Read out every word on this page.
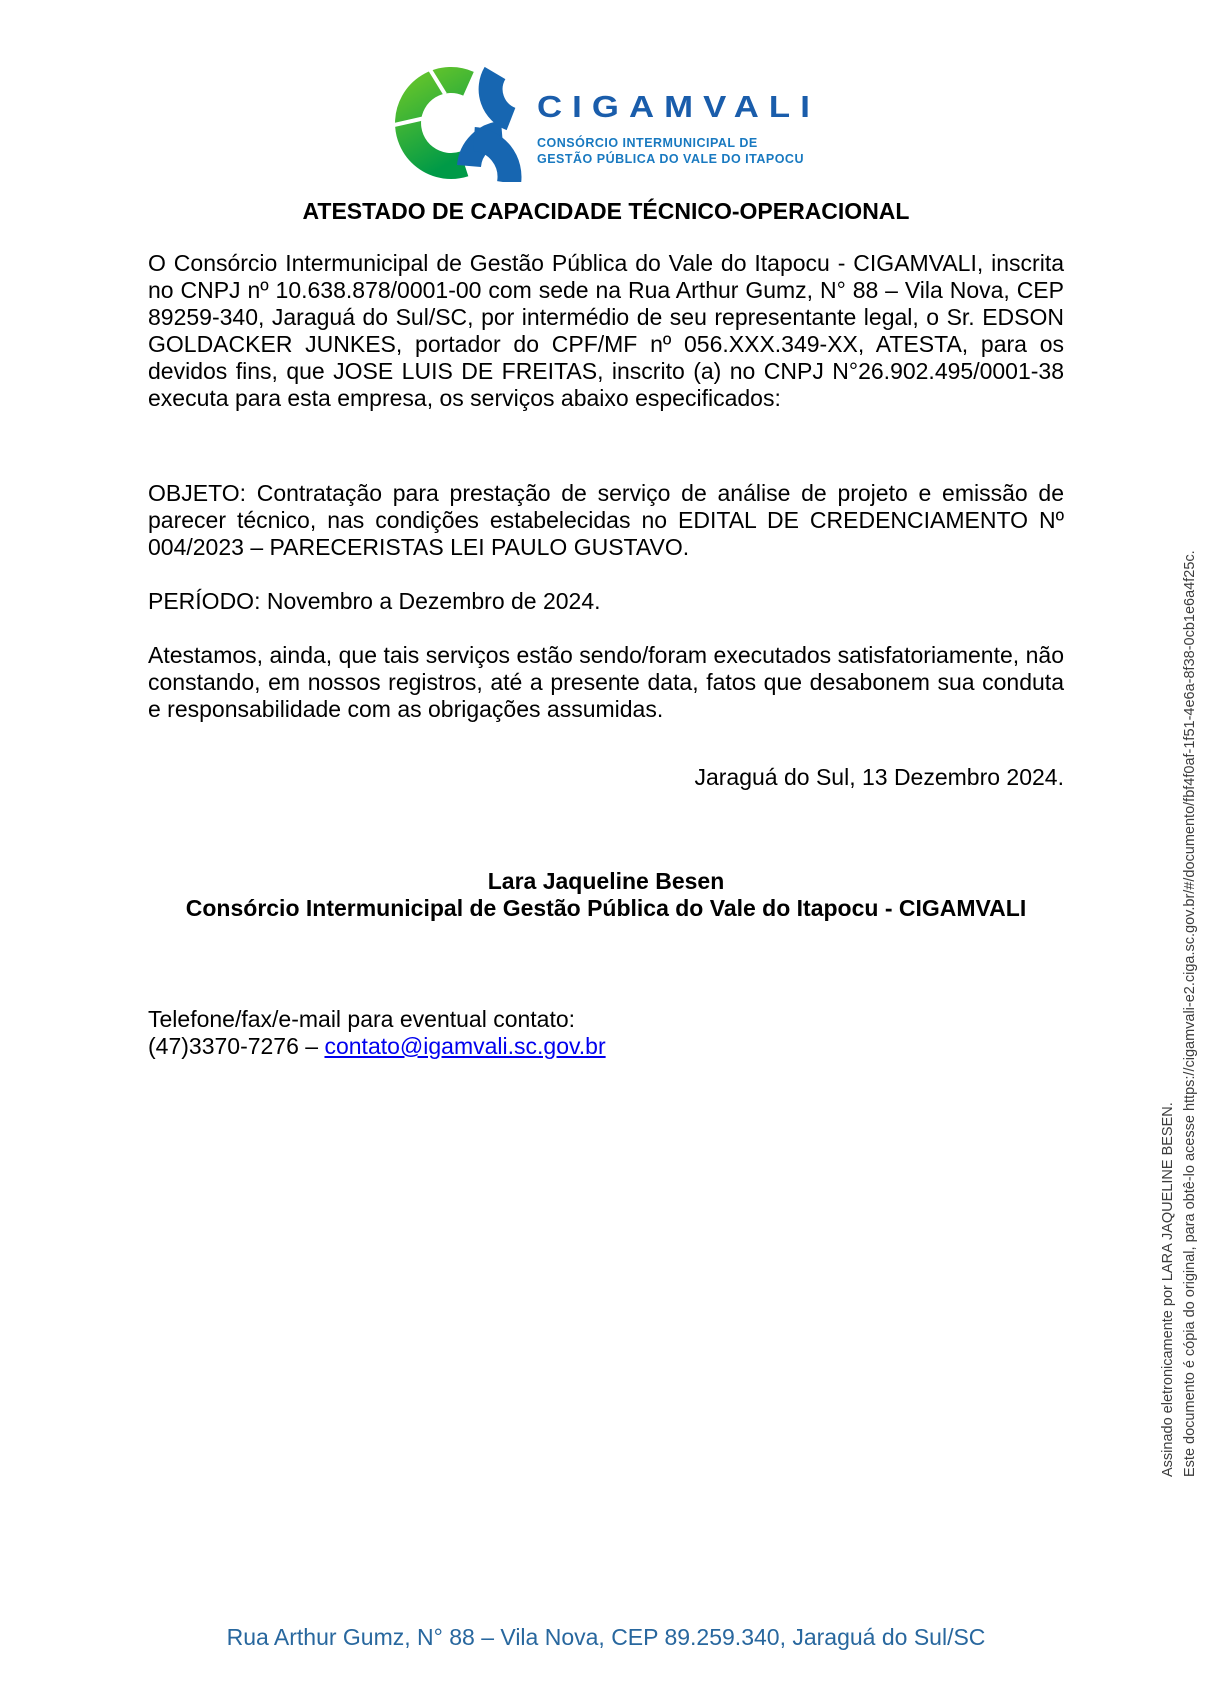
CIGAMVALI
CONSÓRCIO INTERMUNICIPAL DE
GESTÃO PÚBLICA DO VALE DO ITAPOCU
ATESTADO DE CAPACIDADE TÉCNICO-OPERACIONAL

O Consórcio Intermunicipal de Gestão Pública do Vale do Itapocu - CIGAMVALI, inscrita no CNPJ nº 10.638.878/0001-00 com sede na Rua Arthur Gumz, N° 88 – Vila Nova, CEP 89259-340, Jaraguá do Sul/SC, por intermédio de seu representante legal, o Sr. EDSON GOLDACKER JUNKES, portador do CPF/MF nº 056.XXX.349-XX, ATESTA, para os devidos fins, que JOSE LUIS DE FREITAS, inscrito (a) no CNPJ N°26.902.495/0001-38 executa para esta empresa, os serviços abaixo especificados:

OBJETO: Contratação para prestação de serviço de análise de projeto e emissão de parecer técnico, nas condições estabelecidas no EDITAL DE CREDENCIAMENTO Nº 004/2023 – PARECERISTAS LEI PAULO GUSTAVO.

PERÍODO: Novembro a Dezembro de 2024.

Atestamos, ainda, que tais serviços estão sendo/foram executados satisfatoriamente, não constando, em nossos registros, até a presente data, fatos que desabonem sua conduta e responsabilidade com as obrigações assumidas.

Jaraguá do Sul, 13 Dezembro 2024.

Lara Jaqueline Besen
Consórcio Intermunicipal de Gestão Pública do Vale do Itapocu - CIGAMVALI
Telefone/fax/e-mail para eventual contato:
(47)3370-7276 – contato@igamvali.sc.gov.br
Assinado eletronicamente por LARA JAQUELINE BESEN. Este documento é cópia do original, para obtê-lo acesse https://cigamvali-e2.ciga.sc.gov.br/#/documento/fbf4f0af-1f51-4e6a-8f38-0cb1e6a4f25c.
Rua Arthur Gumz, N° 88 – Vila Nova, CEP 89.259.340, Jaraguá do Sul/SC
